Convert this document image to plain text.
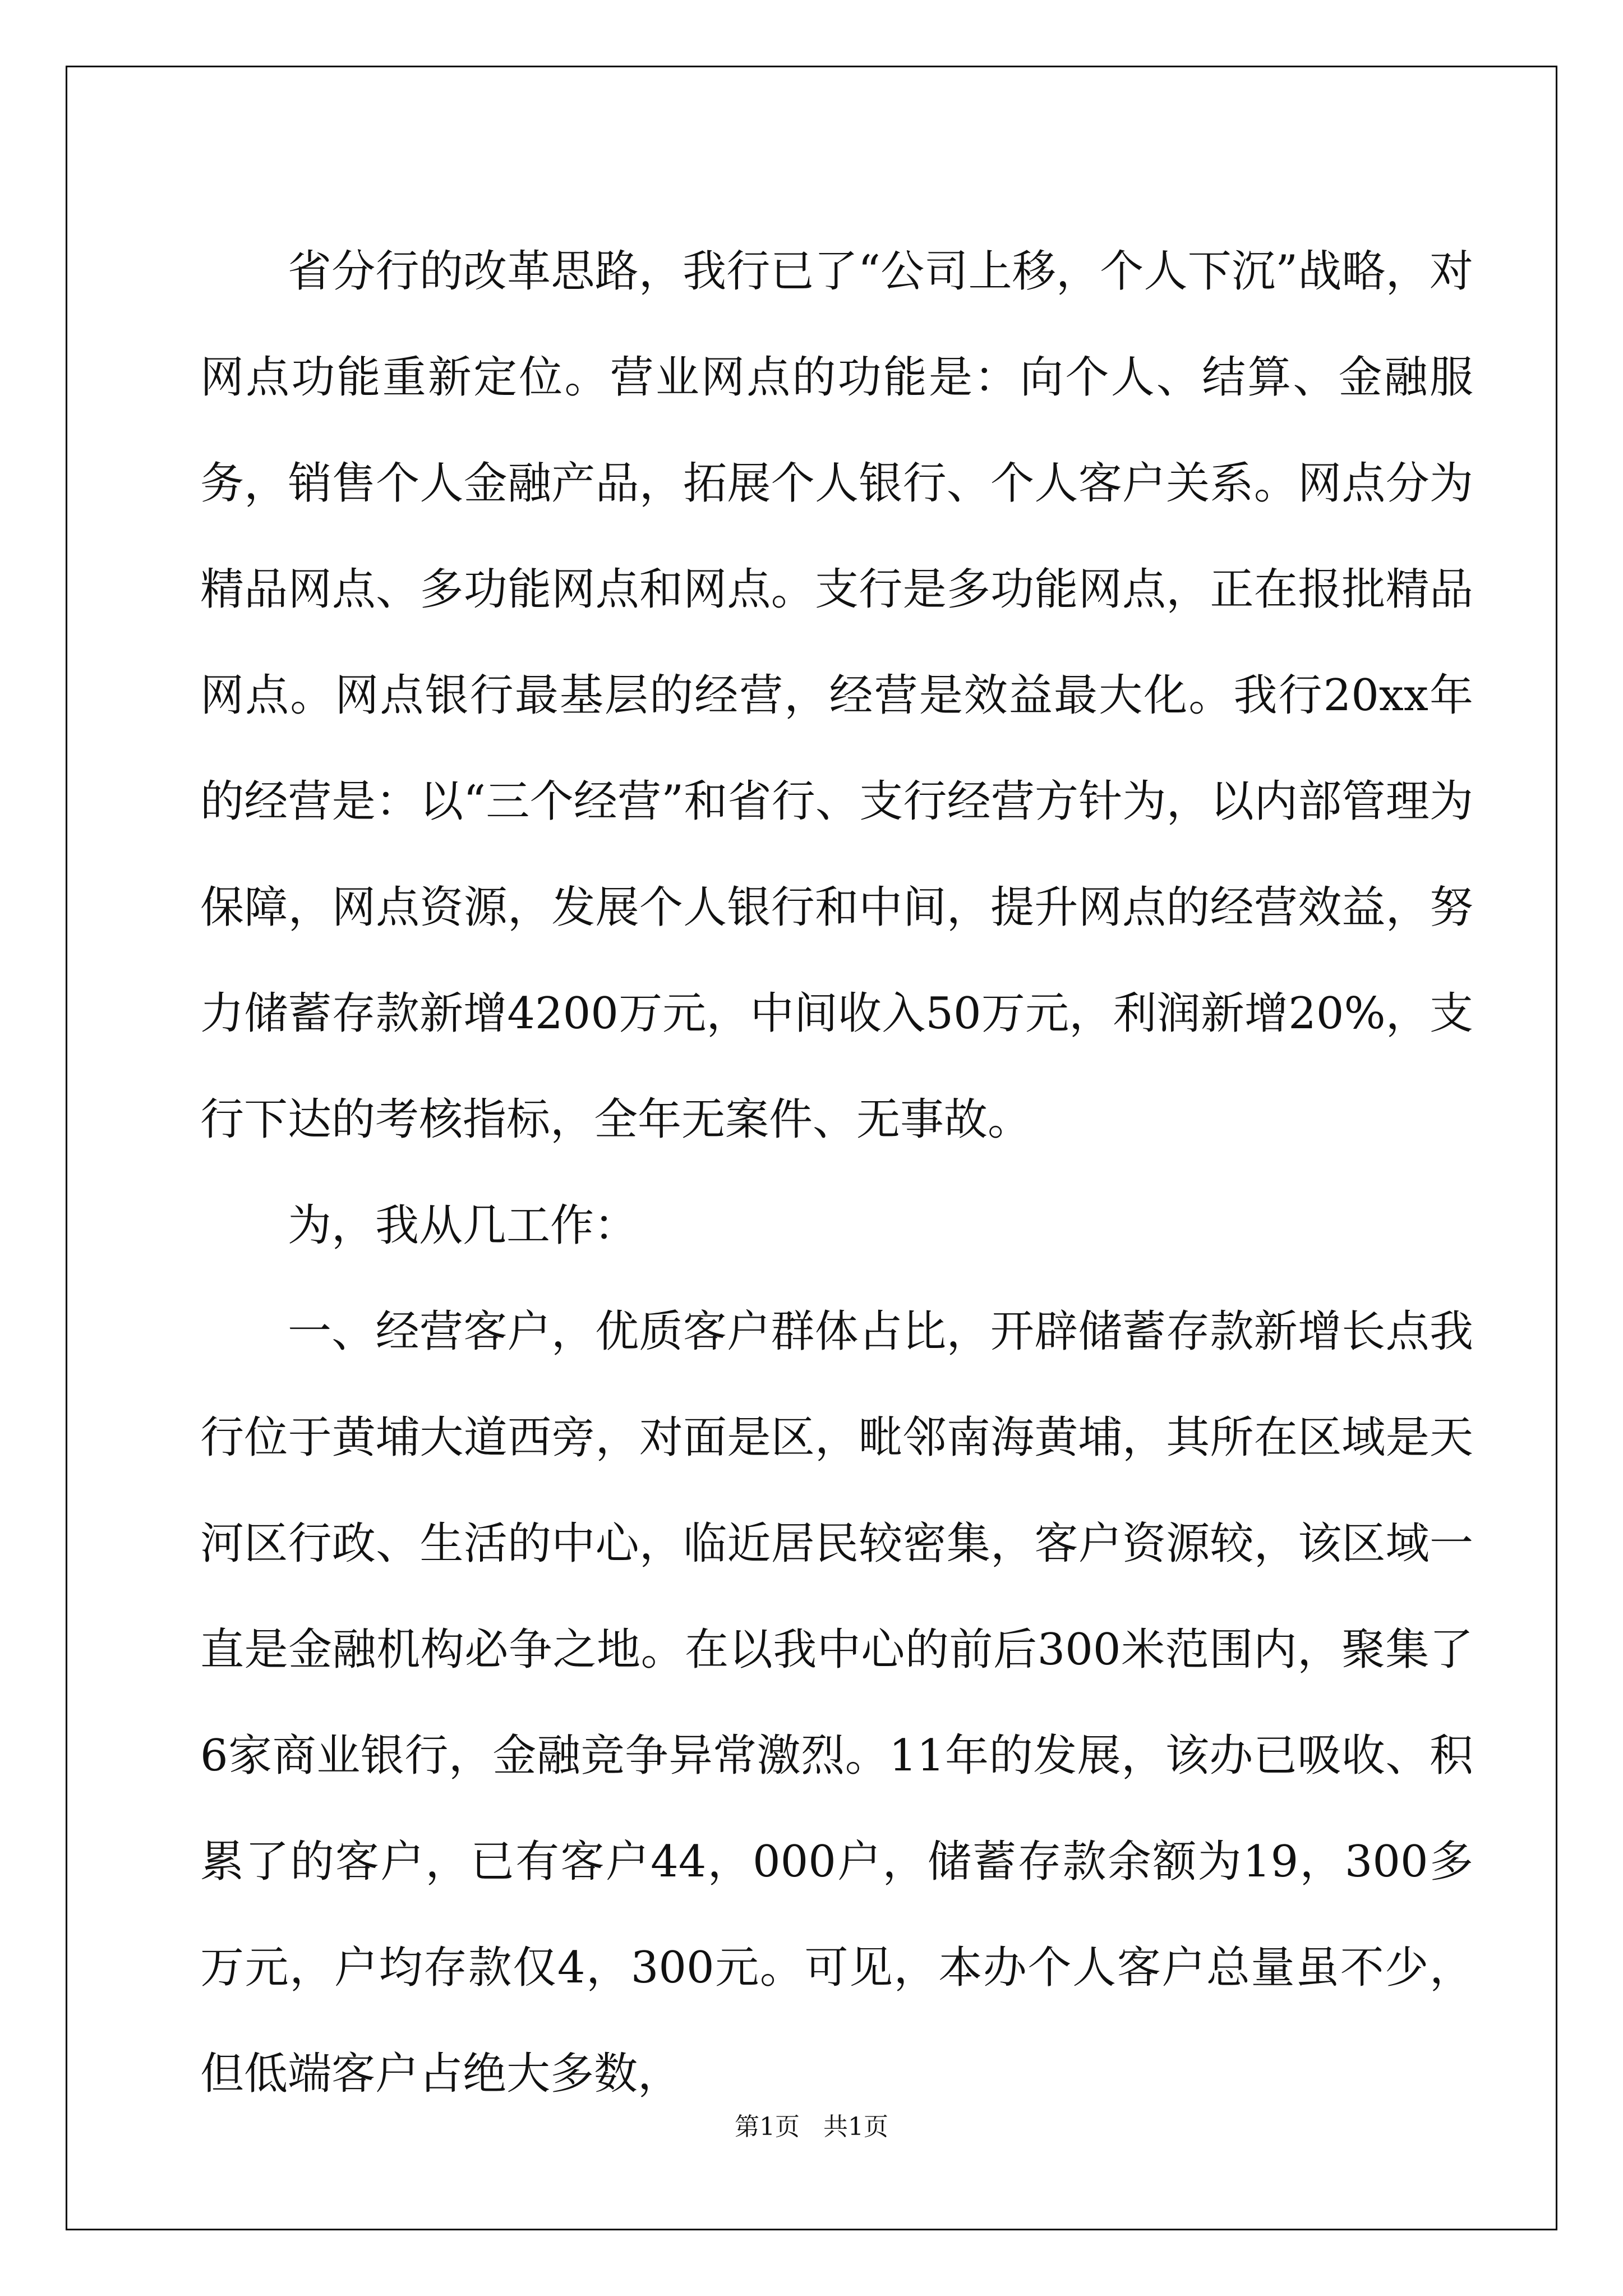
省分行的改革思路，我行已了“公司上移，个人下沉”战略，对网点功能重新定位。营业网点的功能是：向个人、结算、金融服务，销售个人金融产品，拓展个人银行、个人客户关系。网点分为精品网点、多功能网点和网点。支行是多功能网点，正在报批精品网点。网点银行最基层的经营，经营是效益最大化。我行20xx年的经营是：以“三个经营”和省行、支行经营方针为，以内部管理为保障，网点资源，发展个人银行和中间，提升网点的经营效益，努力储蓄存款新增4200万元，中间收入50万元，利润新增20%，支行下达的考核指标，全年无案件、无事故。

为，我从几工作：

一、经营客户，优质客户群体占比，开辟储蓄存款新增长点我行位于黄埔大道西旁，对面是区，毗邻南海黄埔，其所在区域是天河区行政、生活的中心，临近居民较密集，客户资源较，该区域一直是金融机构必争之地。在以我中心的前后300米范围内，聚集了6家商业银行，金融竞争异常激烈。11年的发展，该办已吸收、积累了的客户，已有客户44，000户，储蓄存款余额为19，300多万元，户均存款仅4，300元。可见，本办个人客户总量虽不少，但低端客户占绝大多数，

第1页 共1页
